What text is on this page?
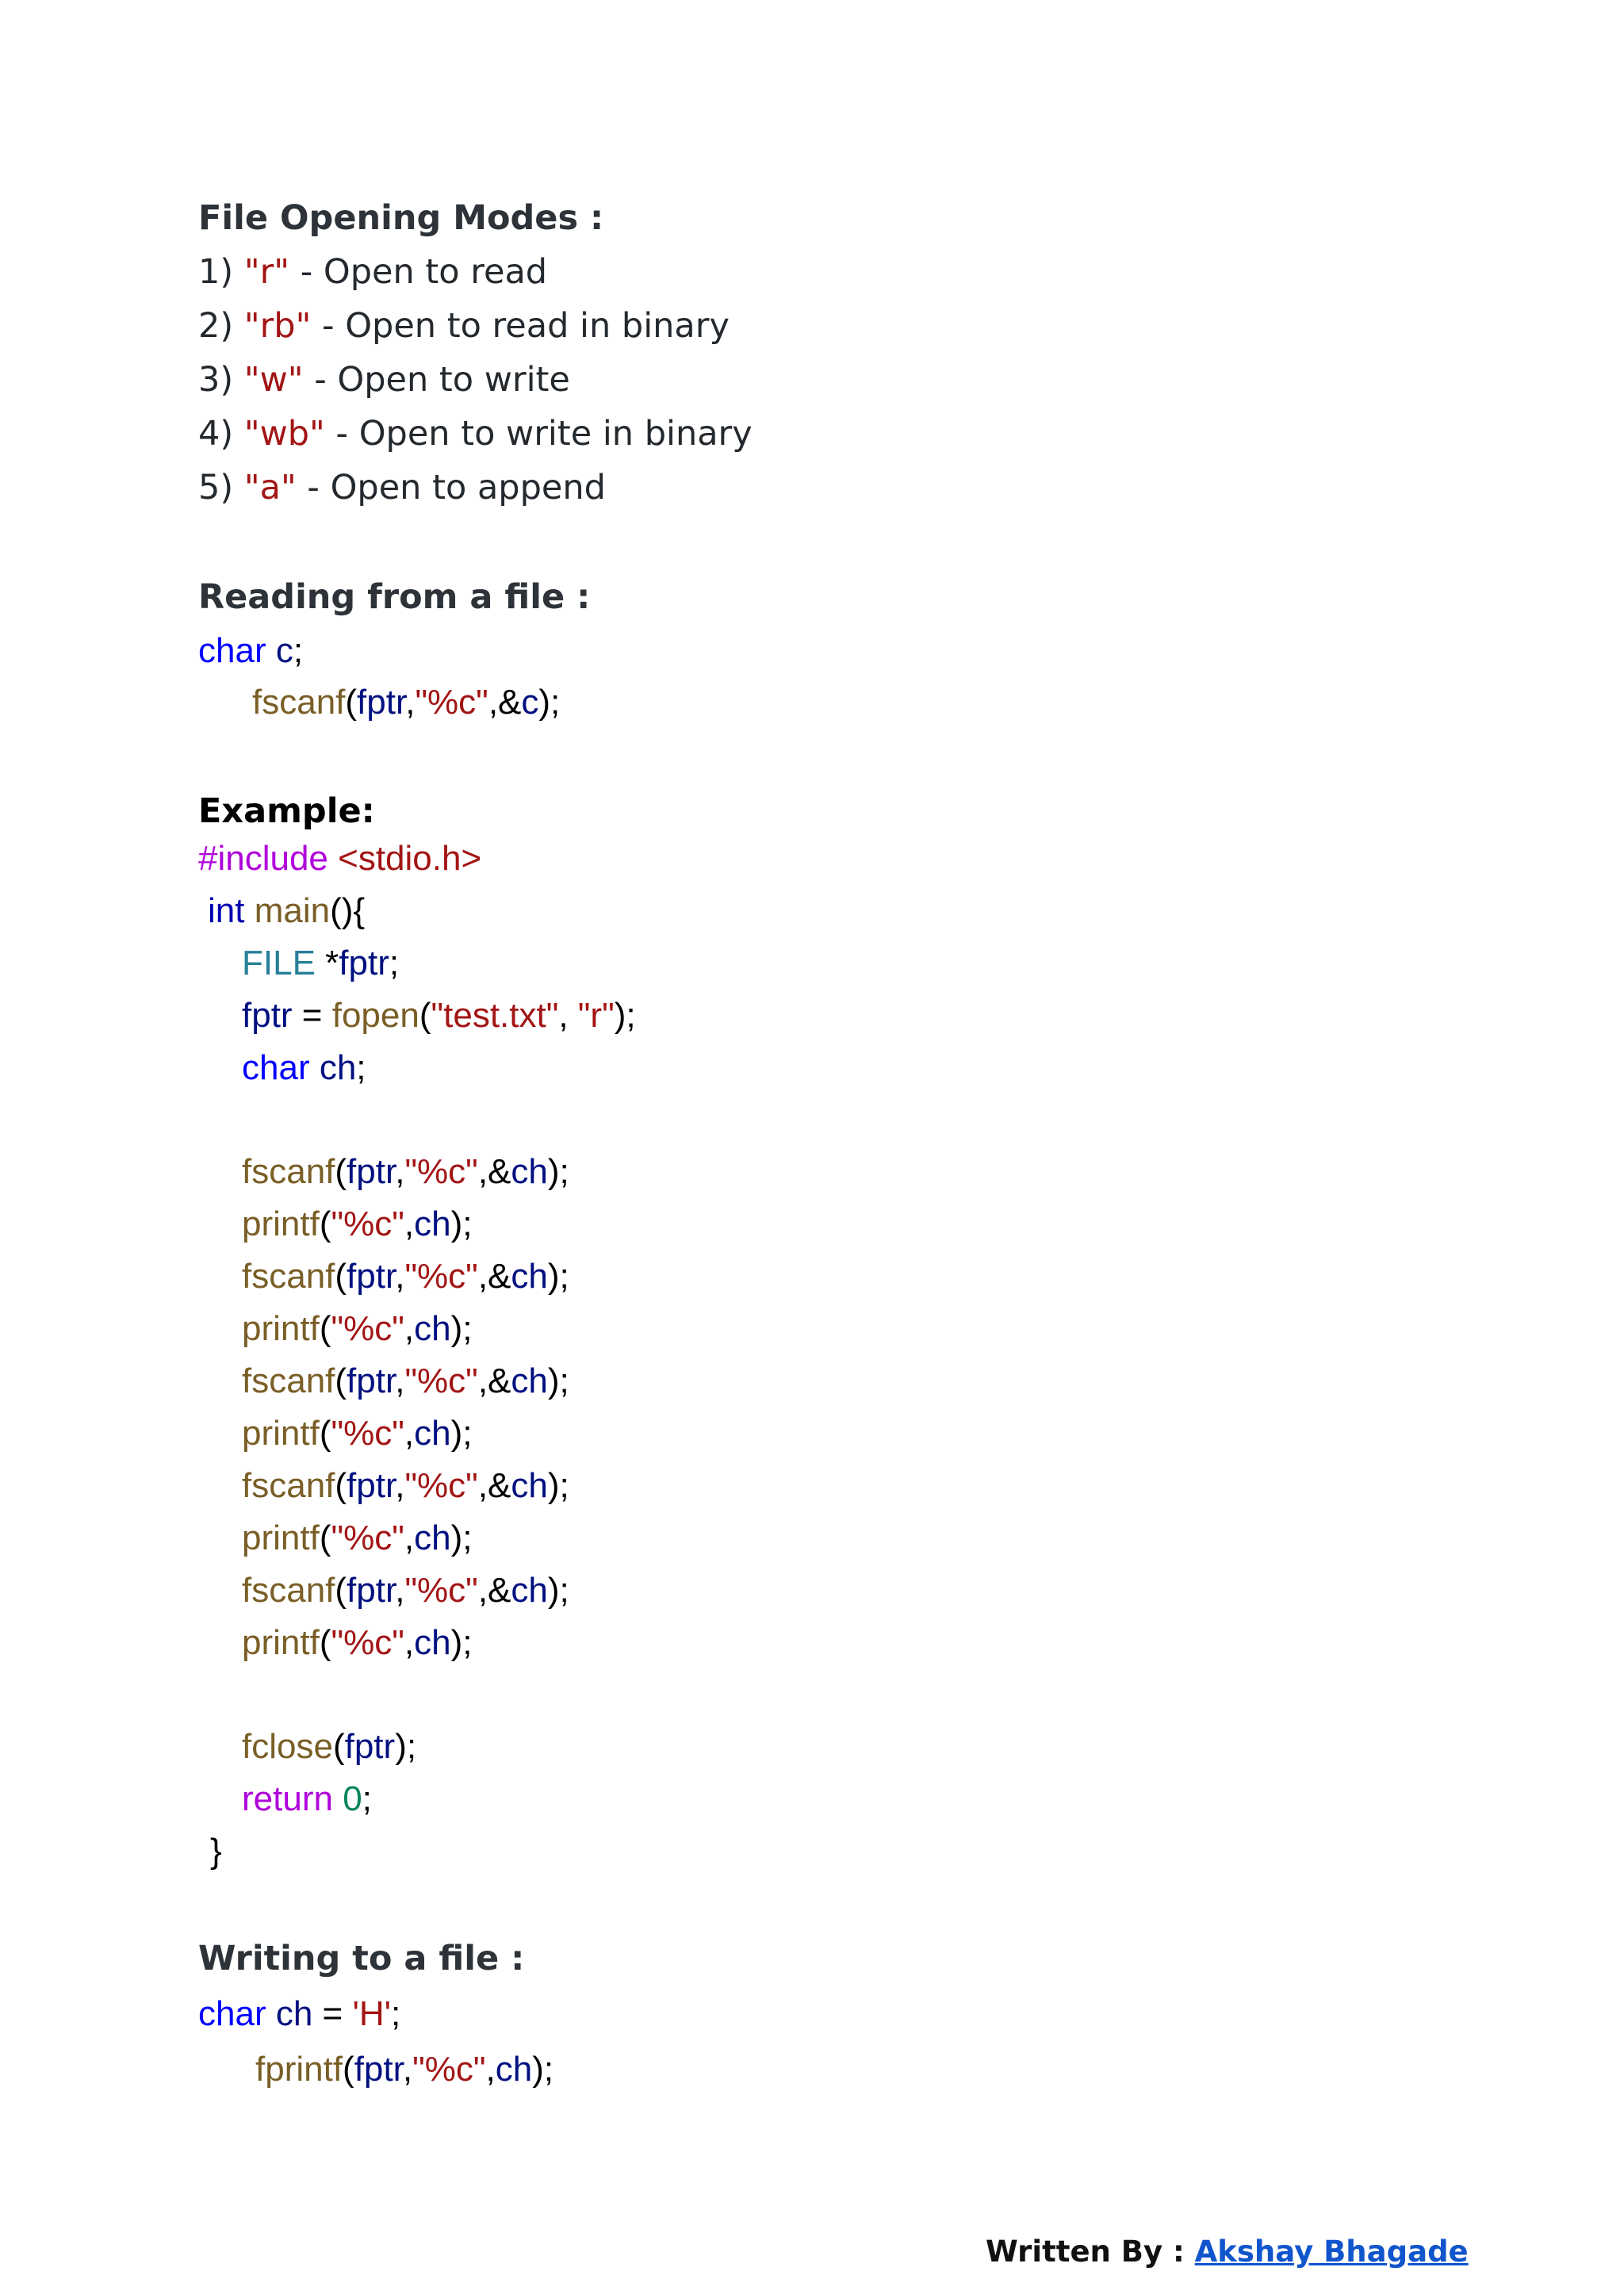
File Opening Modes :
1) "r" - Open to read
2) "rb" - Open to read in binary
3) "w" - Open to write
4) "wb" - Open to write in binary
5) "a" - Open to append
Reading from a file :
char c;
fscanf(fptr,"%c",&c);
Example:
#include <stdio.h>
int main(){
FILE *fptr;
fptr = fopen("test.txt", "r");
char ch;
fscanf(fptr,"%c",&ch);
printf("%c",ch);
fscanf(fptr,"%c",&ch);
printf("%c",ch);
fscanf(fptr,"%c",&ch);
printf("%c",ch);
fscanf(fptr,"%c",&ch);
printf("%c",ch);
fscanf(fptr,"%c",&ch);
printf("%c",ch);
fclose(fptr);
return 0;
}
Writing to a file :
char ch = 'H';
fprintf(fptr,"%c",ch);
Written By : Akshay Bhagade
